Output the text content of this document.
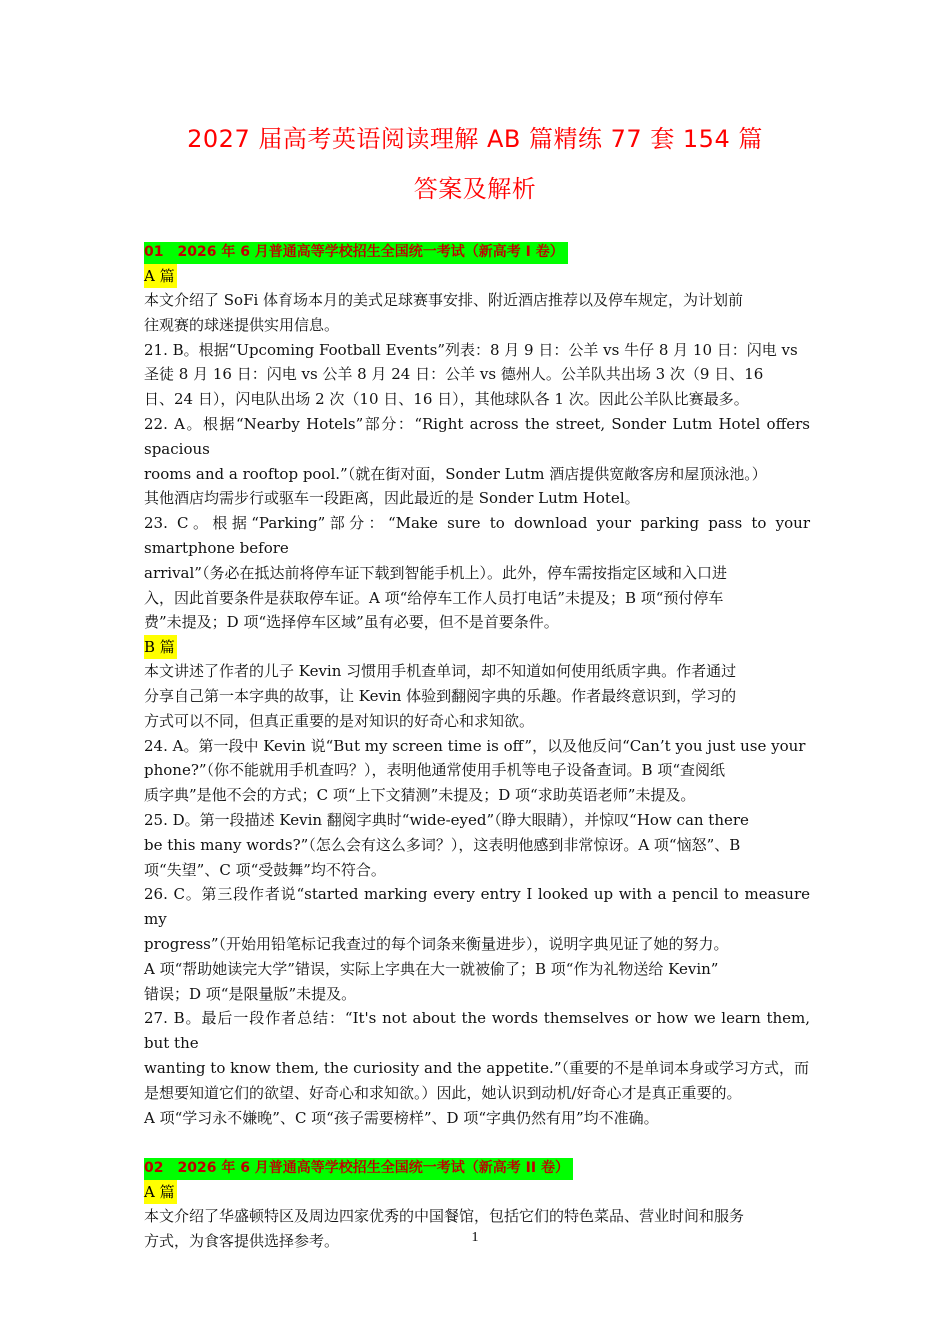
2027 届高考英语阅读理解 AB 篇精练 77 套 154 篇
答案及解析
01　2026 年 6 月普通高等学校招生全国统一考试（新高考 I 卷）
A 篇

本文介绍了 SoFi 体育场本月的美式足球赛事安排、附近酒店推荐以及停车规定，为计划前

往观赛的球迷提供实用信息。

21. B。根据“Upcoming Football Events”列表：8 月 9 日：公羊 vs 牛仔 8 月 10 日：闪电 vs

圣徒 8 月 16 日：闪电 vs 公羊 8 月 24 日：公羊 vs 德州人。公羊队共出场 3 次（9 日、16

日、24 日），闪电队出场 2 次（10 日、16 日），其他球队各 1 次。因此公羊队比赛最多。

22. A。根据“Nearby Hotels”部分：“Right across the street, Sonder Lutm Hotel offers spacious

rooms and a rooftop pool.”（就在街对面，Sonder Lutm 酒店提供宽敞客房和屋顶泳池。）

其他酒店均需步行或驱车一段距离，因此最近的是 Sonder Lutm Hotel。

23. C。根据“Parking”部分：“Make sure to download your parking pass to your smartphone before

arrival”（务必在抵达前将停车证下载到智能手机上）。此外，停车需按指定区域和入口进

入，因此首要条件是获取停车证。A 项“给停车工作人员打电话”未提及；B 项“预付停车

费”未提及；D 项“选择停车区域”虽有必要，但不是首要条件。

B 篇

本文讲述了作者的儿子 Kevin 习惯用手机查单词，却不知道如何使用纸质字典。作者通过

分享自己第一本字典的故事，让 Kevin 体验到翻阅字典的乐趣。作者最终意识到，学习的

方式可以不同，但真正重要的是对知识的好奇心和求知欲。

24. A。第一段中 Kevin 说“But my screen time is off”，以及他反问“Can’t you just use your

phone?”（你不能就用手机查吗？），表明他通常使用手机等电子设备查词。B 项“查阅纸

质字典”是他不会的方式；C 项“上下文猜测”未提及；D 项“求助英语老师”未提及。

25. D。第一段描述 Kevin 翻阅字典时“wide-eyed”（睁大眼睛），并惊叹“How can there

be this many words?”（怎么会有这么多词？），这表明他感到非常惊讶。A 项“恼怒”、B

项“失望”、C 项“受鼓舞”均不符合。

26. C。第三段作者说“started marking every entry I looked up with a pencil to measure my

progress”（开始用铅笔标记我查过的每个词条来衡量进步），说明字典见证了她的努力。

A 项“帮助她读完大学”错误，实际上字典在大一就被偷了；B 项“作为礼物送给 Kevin”

错误；D 项“是限量版”未提及。

27. B。最后一段作者总结：“It's not about the words themselves or how we learn them, but the

wanting to know them, the curiosity and the appetite.”（重要的不是单词本身或学习方式，而

是想要知道它们的欲望、好奇心和求知欲。）因此，她认识到动机/好奇心才是真正重要的。

A 项“学习永不嫌晚”、C 项“孩子需要榜样”、D 项“字典仍然有用”均不准确。

02　2026 年 6 月普通高等学校招生全国统一考试（新高考 II 卷）
A 篇

本文介绍了华盛顿特区及周边四家优秀的中国餐馆，包括它们的特色菜品、营业时间和服务

方式，为食客提供选择参考。	1
